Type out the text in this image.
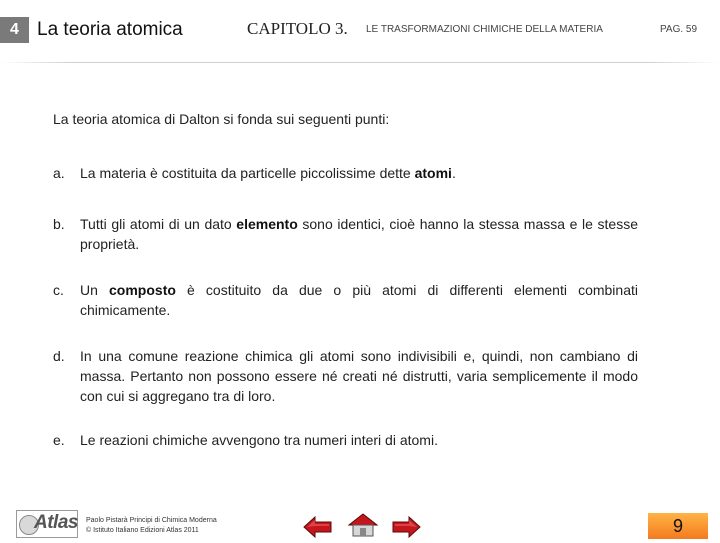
4 La teoria atomica	CAPITOLO 3. LE TRASFORMAZIONI CHIMICHE DELLA MATERIA	PAG. 59
La teoria atomica di Dalton si fonda sui seguenti punti:
a.	La materia è costituita da particelle piccolissime dette atomi.
b.	Tutti gli atomi di un dato elemento sono identici, cioè hanno la stessa massa e le stesse proprietà.
c.	Un composto è costituito da due o più atomi di differenti elementi combinati chimicamente.
d.	In una comune reazione chimica gli atomi sono indivisibili e, quindi, non cambiano di massa. Pertanto non possono essere né creati né distrutti, varia semplicemente il modo con cui si aggregano tra di loro.
e.	Le reazioni chimiche avvengono tra numeri interi di atomi.
Atlas Paolo Pistarà Principi di Chimica Moderna
© Istituto Italiano Edizioni Atlas 2011	9
